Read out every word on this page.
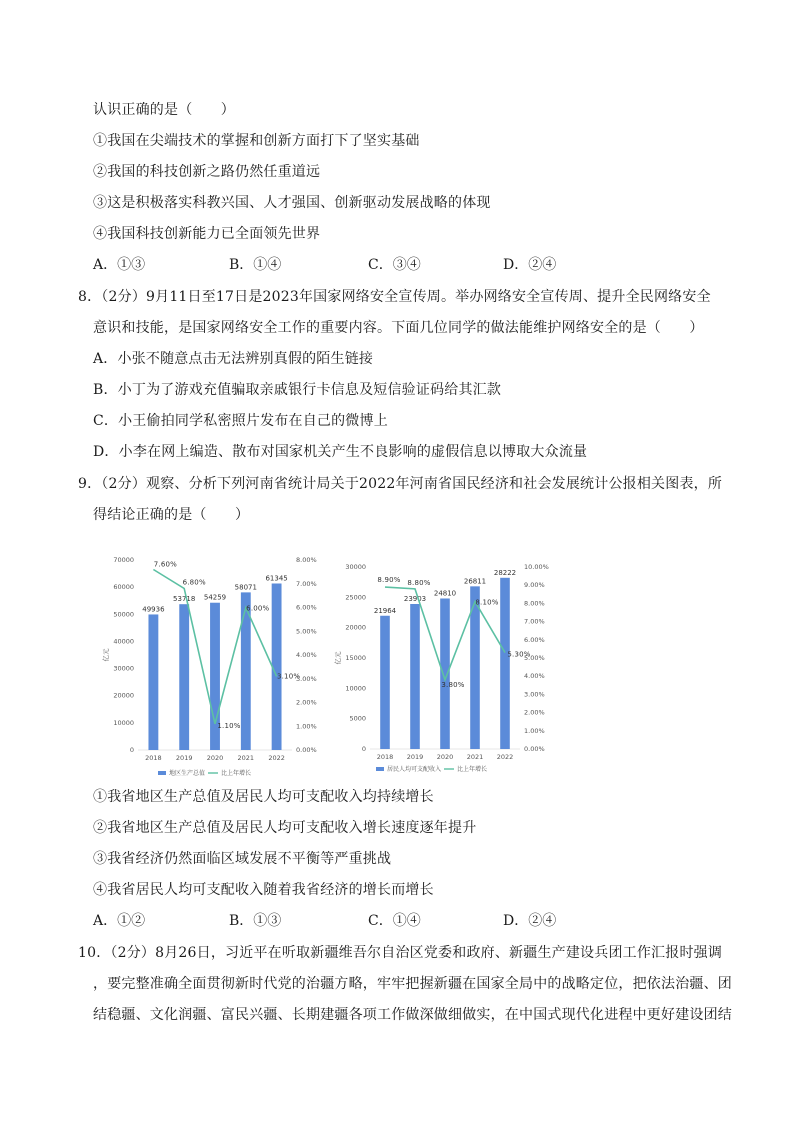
认识正确的是（　　）
①我国在尖端技术的掌握和创新方面打下了坚实基础
②我国的科技创新之路仍然任重道远
③这是积极落实科教兴国、人才强国、创新驱动发展战略的体现
④我国科技创新能力已全面领先世界
A．①③	B．①④	C．③④	D．②④
8．（2分）9月11日至17日是2023年国家网络安全宣传周。举办网络安全宣传周、提升全民网络安全
意识和技能，是国家网络安全工作的重要内容。下面几位同学的做法能维护网络安全的是（　　）
A．小张不随意点击无法辨别真假的陌生链接
B．小丁为了游戏充值骗取亲戚银行卡信息及短信验证码给其汇款
C．小王偷拍同学私密照片发布在自己的微博上
D．小李在网上编造、散布对国家机关产生不良影响的虚假信息以博取大众流量
9．（2分）观察、分析下列河南省统计局关于2022年河南省国民经济和社会发展统计公报相关图表，所
得结论正确的是（　　）
49936
53718 54259
58071
61345
7.60%
6.80%
1.10%
6.00%
3.10%
0
10000
20000
30000
40000
50000
60000
70000
0.00%
1.00%
2.00%
3.00%
4.00%
5.00%
6.00%
7.00%
8.00%
亿元
2018 2019 2020 2021 2022
地区生产总值	比上年增长
21964
23903
24810
26811
28222
8.90% 8.80%
3.80%
8.10%
5.30%
0
5000
10000
15000
20000
25000
30000
0.00%
1.00%
2.00%
3.00%
4.00%
5.00%
6.00%
7.00%
8.00%
9.00%
10.00%
亿元
2018 2019 2020 2021 2022
居民人均可支配收入	比上年增长
①我省地区生产总值及居民人均可支配收入均持续增长
②我省地区生产总值及居民人均可支配收入增长速度逐年提升
③我省经济仍然面临区域发展不平衡等严重挑战
④我省居民人均可支配收入随着我省经济的增长而增长
A．①②	B．①③	C．①④	D．②④
10．（2分）8月26日，习近平在听取新疆维吾尔自治区党委和政府、新疆生产建设兵团工作汇报时强调
，要完整准确全面贯彻新时代党的治疆方略，牢牢把握新疆在国家全局中的战略定位，把依法治疆、团
结稳疆、文化润疆、富民兴疆、长期建疆各项工作做深做细做实，在中国式现代化进程中更好建设团结
